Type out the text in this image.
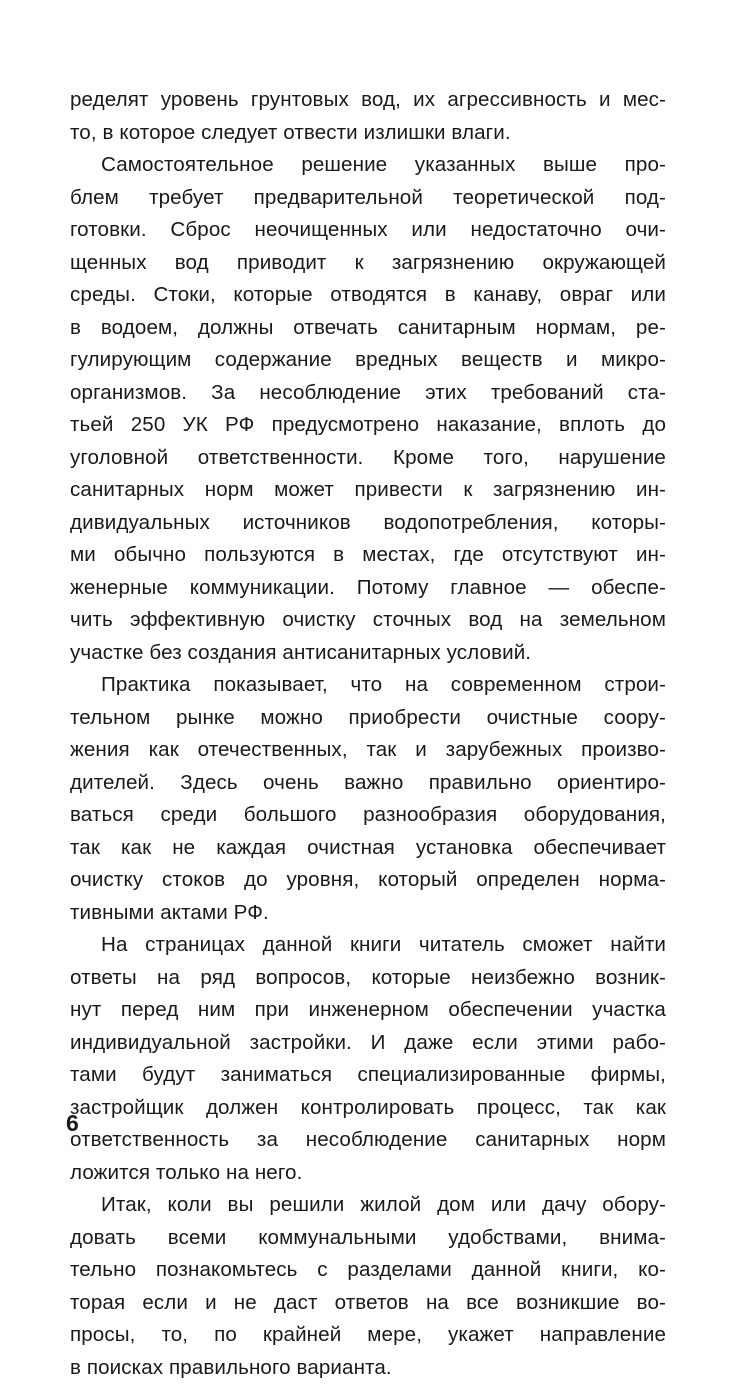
ределят уровень грунтовых вод, их агрессивность и мес-
то, в которое следует отвести излишки влаги.
Самостоятельное решение указанных выше про-
блем требует предварительной теоретической под-
готовки. Сброс неочищенных или недостаточно очи-
щенных вод приводит к загрязнению окружающей
среды. Стоки, которые отводятся в канаву, овраг или
в водоем, должны отвечать санитарным нормам, ре-
гулирующим содержание вредных веществ и микро-
организмов. За несоблюдение этих требований ста-
тьей 250 УК РФ предусмотрено наказание, вплоть до
уголовной ответственности. Кроме того, нарушение
санитарных норм может привести к загрязнению ин-
дивидуальных источников водопотребления, которы-
ми обычно пользуются в местах, где отсутствуют ин-
женерные коммуникации. Потому главное — обеспе-
чить эффективную очистку сточных вод на земельном
участке без создания антисанитарных условий.
Практика показывает, что на современном строи-
тельном рынке можно приобрести очистные соору-
жения как отечественных, так и зарубежных произво-
дителей. Здесь очень важно правильно ориентиро-
ваться среди большого разнообразия оборудования,
так как не каждая очистная установка обеспечивает
очистку стоков до уровня, который определен норма-
тивными актами РФ.
На страницах данной книги читатель сможет найти
ответы на ряд вопросов, которые неизбежно возник-
нут перед ним при инженерном обеспечении участка
индивидуальной застройки. И даже если этими рабо-
тами будут заниматься специализированные фирмы,
застройщик должен контролировать процесс, так как
ответственность за несоблюдение санитарных норм
ложится только на него.
Итак, коли вы решили жилой дом или дачу обору-
довать всеми коммунальными удобствами, внима-
тельно познакомьтесь с разделами данной книги, ко-
торая если и не даст ответов на все возникшие во-
просы, то, по крайней мере, укажет направление
в поисках правильного варианта.
6
